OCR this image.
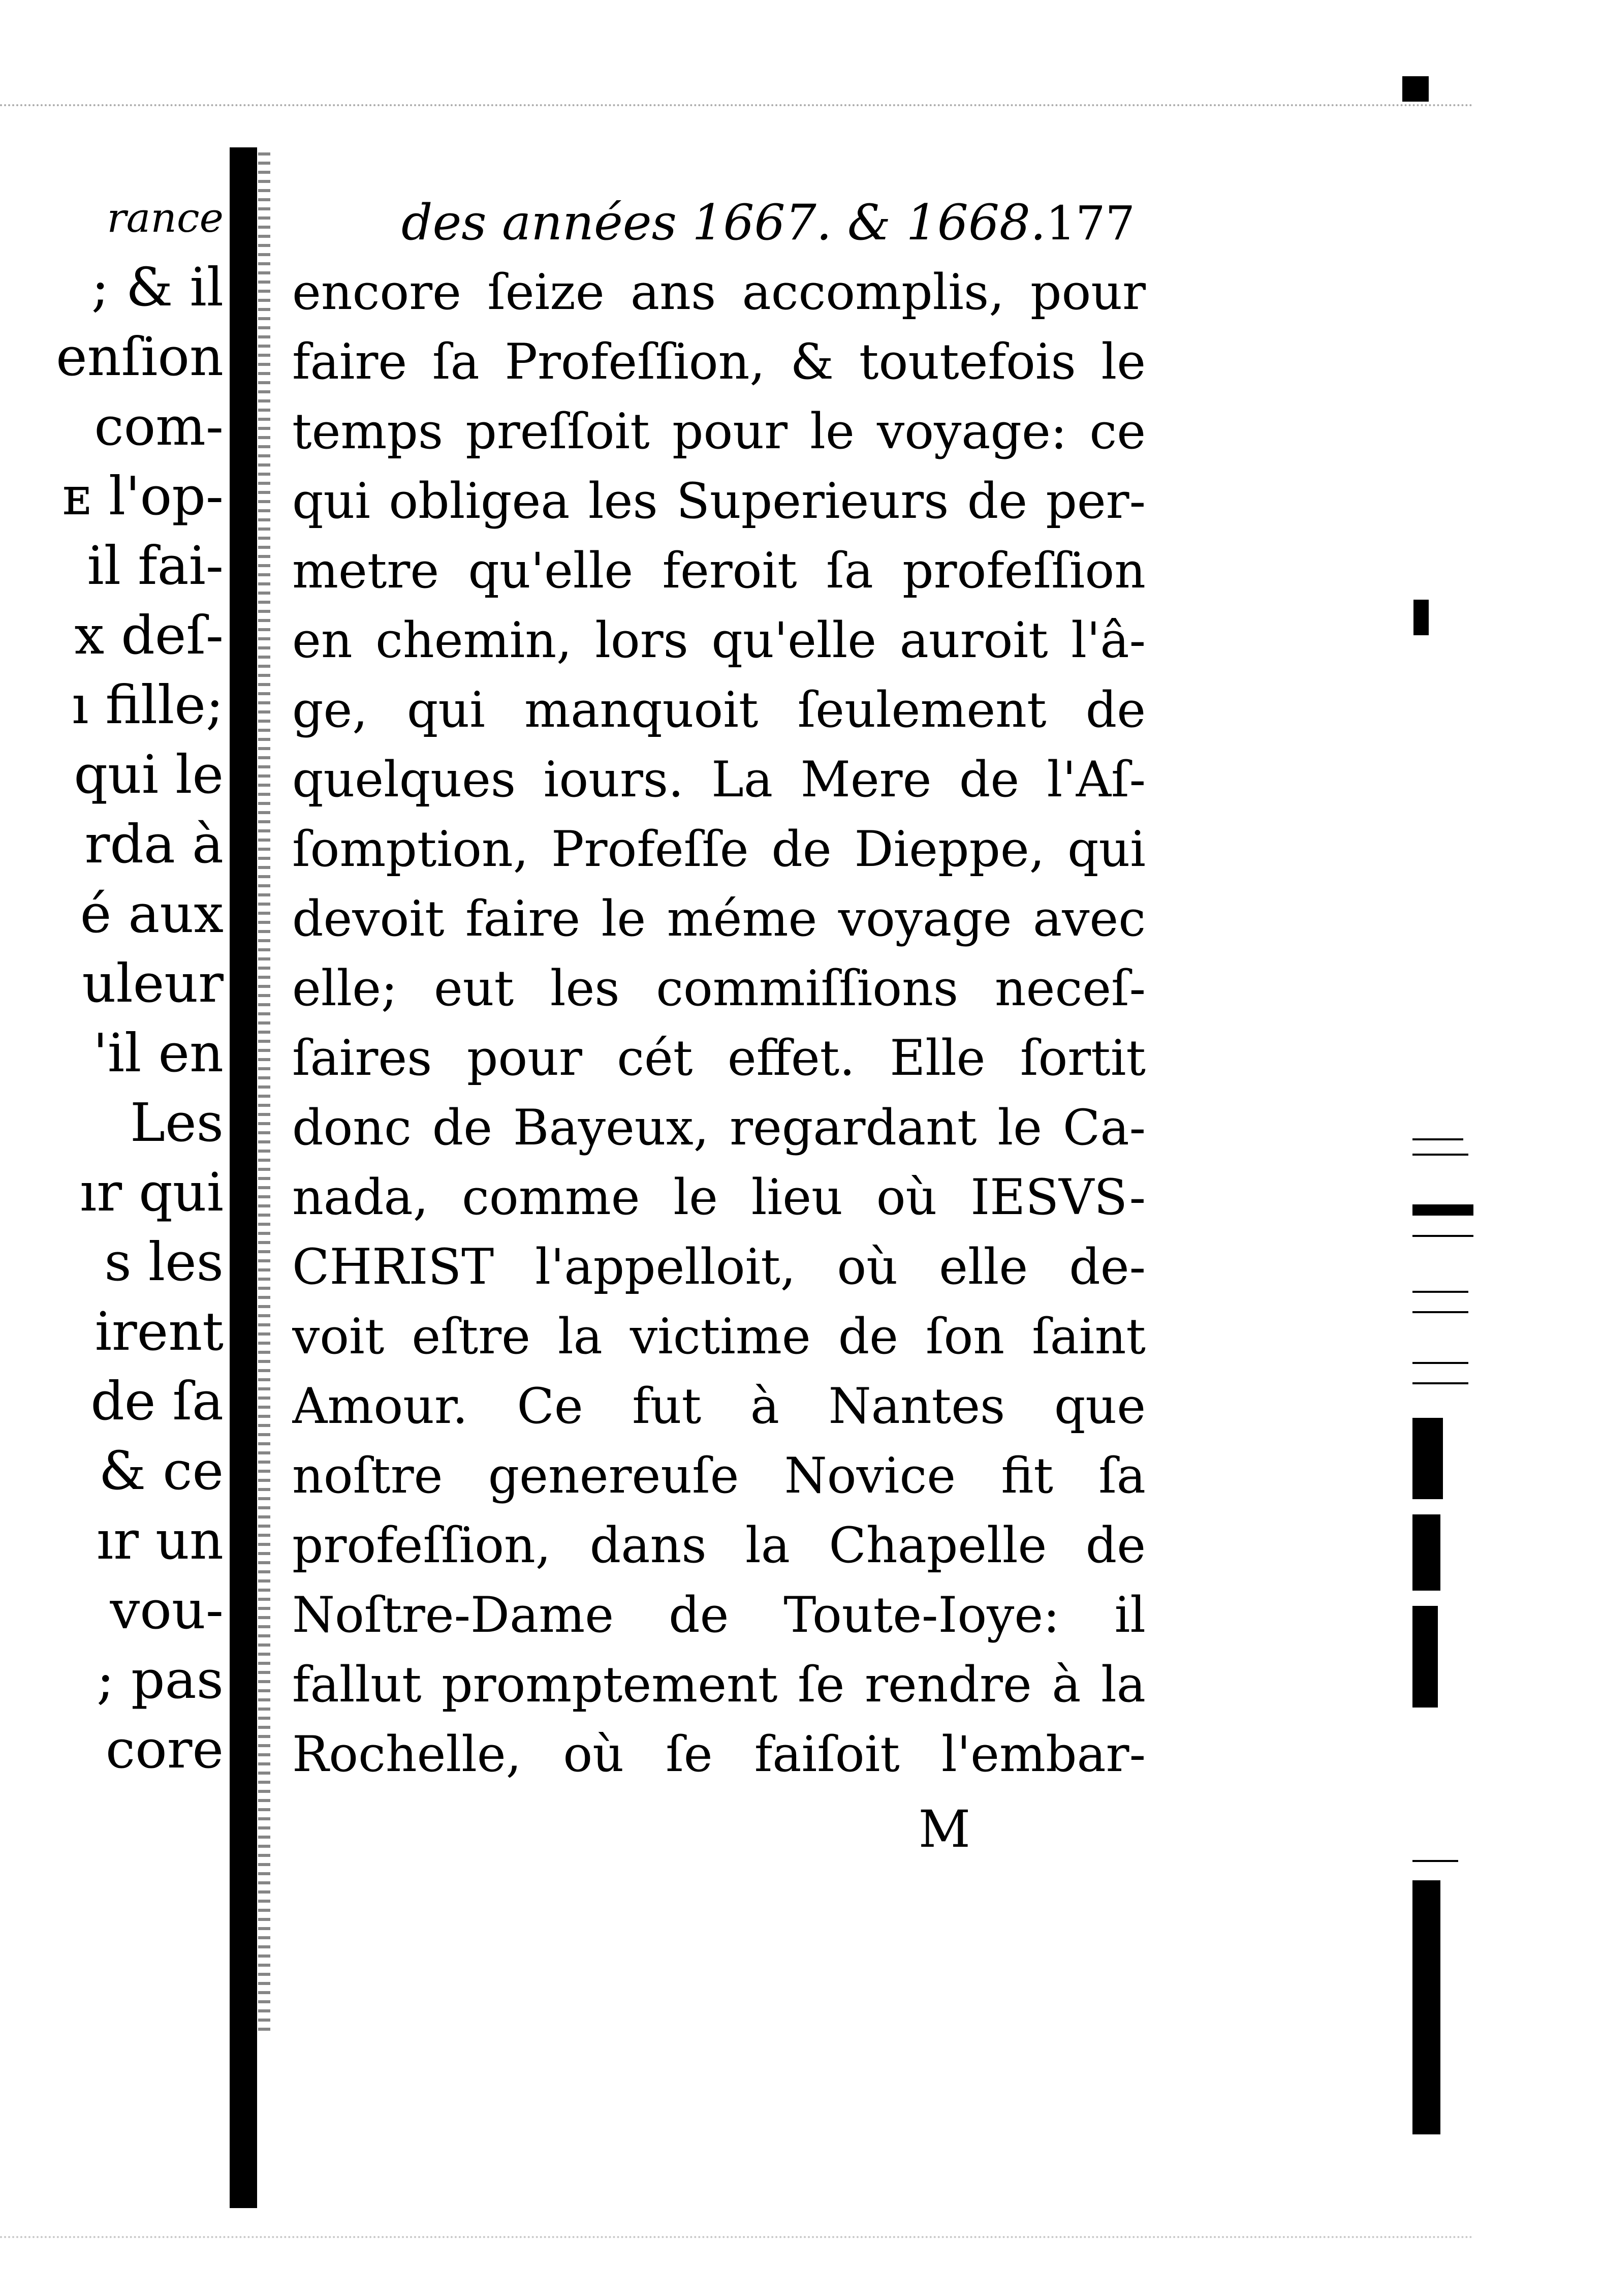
rance
; & il
enſion
com-
ᴇ l'op-
il fai-
x deſ-
ı fille;
qui le
rda à
é aux
uleur
'il en
Les
ır qui
s les
irent
de ſa
& ce
ır un
vou-
; pas
core
des années 1667. & 1668. 177
encore ſeize ans accomplis, pour
faire ſa Profeſſion, & toutefois le
temps preſſoit pour le voyage: ce
qui obligea les Superieurs de per-
metre qu'elle feroit ſa profeſſion
en chemin, lors qu'elle auroit l'â-
ge, qui manquoit ſeulement de
quelques iours. La Mere de l'Aſ-
ſomption, Profeſſe de Dieppe, qui
devoit faire le méme voyage avec
elle; eut les commiſſions neceſ-
ſaires pour cét effet. Elle ſortit
donc de Bayeux, regardant le Ca-
nada, comme le lieu où IESVS-
CHRIST l'appelloit, où elle de-
voit eſtre la victime de ſon ſaint
Amour. Ce fut à Nantes que
noſtre genereuſe Novice fit ſa
profeſſion, dans la Chapelle de
Noſtre-Dame de Toute-Ioye: il
fallut promptement ſe rendre à la
Rochelle, où ſe faiſoit l'embar-
M
